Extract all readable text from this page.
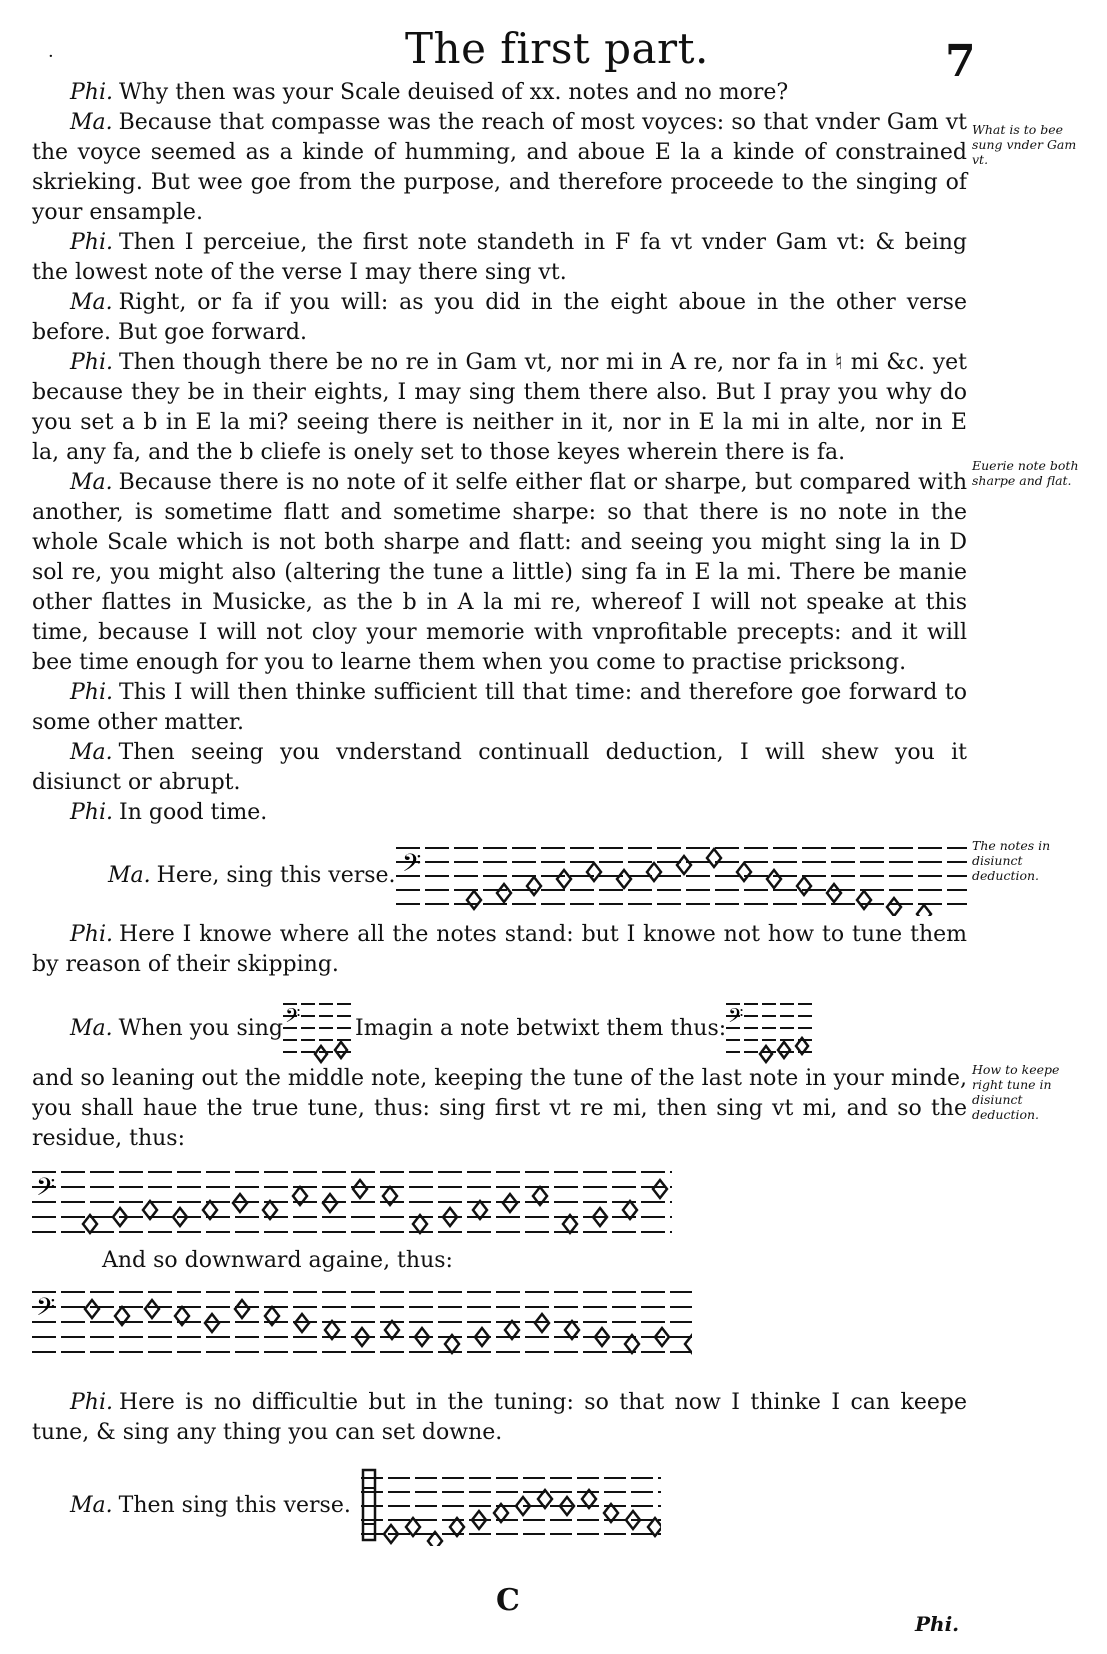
·	The first part.	7

Phi. Why then was your Scale deuised of xx. notes and no more?

Ma. Because that compasse was the reach of most voyces: so that vnder Gam vt the voyce seemed as a kinde of humming, and aboue E la a kinde of constrained skrieking. But wee goe from the purpose, and therefore proceede to the singing of your ensample.

Phi. Then I perceiue, the first note standeth in F fa vt vnder Gam vt: & being the lowest note of the verse I may there sing vt.

Ma. Right, or fa if you will: as you did in the eight aboue in the other verse before. But goe forward.

Phi. Then though there be no re in Gam vt, nor mi in A re, nor fa in ♮ mi &c. yet because they be in their eights, I may sing them there also. But I pray you why do you set a b in E la mi? seeing there is neither in it, nor in E la mi in alte, nor in E la, any fa, and the b cliefe is onely set to those keyes wherein there is fa.

Ma. Because there is no note of it selfe either flat or sharpe, but compared with another, is sometime flatt and sometime sharpe: so that there is no note in the whole Scale which is not both sharpe and flatt: and seeing you might sing la in D sol re, you might also (altering the tune a little) sing fa in E la mi. There be manie other flattes in Musicke, as the b in A la mi re, whereof I will not speake at this time, because I will not cloy your memorie with vnprofitable precepts: and it will bee time enough for you to learne them when you come to practise pricksong.

Phi. This I will then thinke sufficient till that time: and therefore goe forward to some other matter.

Ma. Then seeing you vnderstand continuall deduction, I will shew you it disiunct or abrupt.

Phi. In good time.

Ma. Here, sing this verse. 𝄢

Phi. Here I knowe where all the notes stand: but I knowe not how to tune them by reason of their skipping.

Ma. When you sing 𝄢 Imagin a note betwixt them thus: 𝄢

and so leaning out the middle note, keeping the tune of the last note in your minde, you shall haue the true tune, thus: sing first vt re mi, then sing vt mi, and so the residue, thus:

𝄢

And so downward againe, thus:

𝄢

Phi. Here is no difficultie but in the tuning: so that now I thinke I can keepe tune, & sing any thing you can set downe.

Ma. Then sing this verse.
What is to bee sung vnder Gam vt.
Euerie note both sharpe and flat.
The notes in disiunct deduction.
How to keepe right tune in disiunct deduction.
C
Phi.
